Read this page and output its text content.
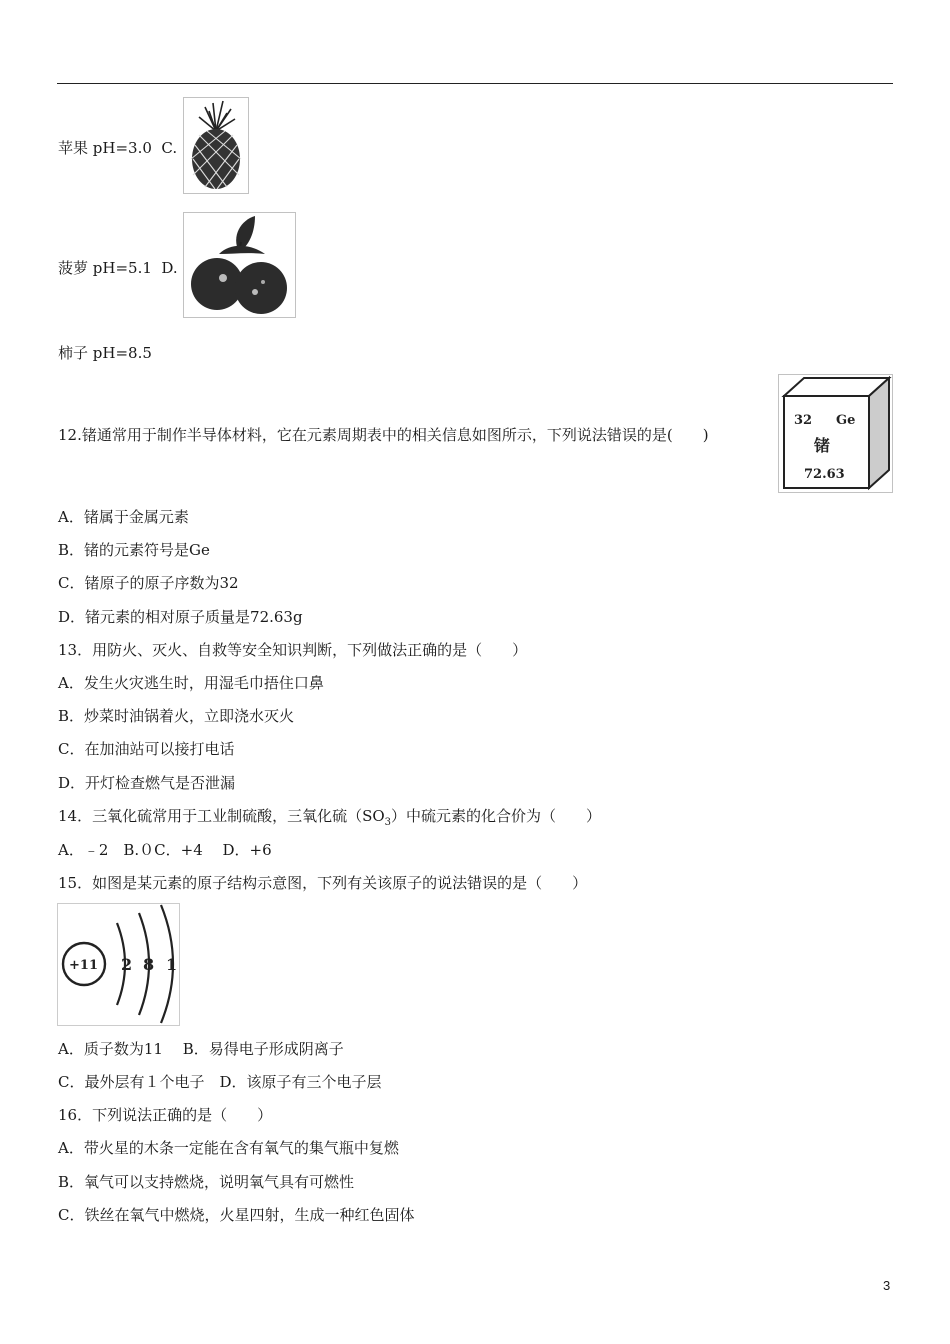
苹果 pH=3.0 C.
菠萝 pH=5.1 D.
柿子 pH=8.5
12.锗通常用于制作半导体材料，它在元素周期表中的相关信息如图所示，下列说法错误的是(　　)
32 Ge
锗
72.63
A．锗属于金属元素
B．锗的元素符号是Ge
C．锗原子的原子序数为32
D．锗元素的相对原子质量是72.63g
13．用防火、灭火、自救等安全知识判断，下列做法正确的是（　　）
A．发生火灾逃生时，用湿毛巾捂住口鼻
B．炒菜时油锅着火，立即浇水灭火
C．在加油站可以接打电话
D．开灯检查燃气是否泄漏
14．三氧化硫常用于工业制硫酸，三氧化硫$(SO_3)$中硫元素的化合价为（　　）
A．﹣2　B.０C．+4　 D．+6
15．如图是某元素的原子结构示意图，下列有关该原子的说法错误的是（　　）
+11 2 8 1
A．质子数为11　 B．易得电子形成阴离子
C．最外层有１个电子　D．该原子有三个电子层
16．下列说法正确的是（　　）
A．带火星的木条一定能在含有氧气的集气瓶中复燃
B．氧气可以支持燃烧，说明氧气具有可燃性
C．铁丝在氧气中燃烧，火星四射，生成一种红色固体
3
